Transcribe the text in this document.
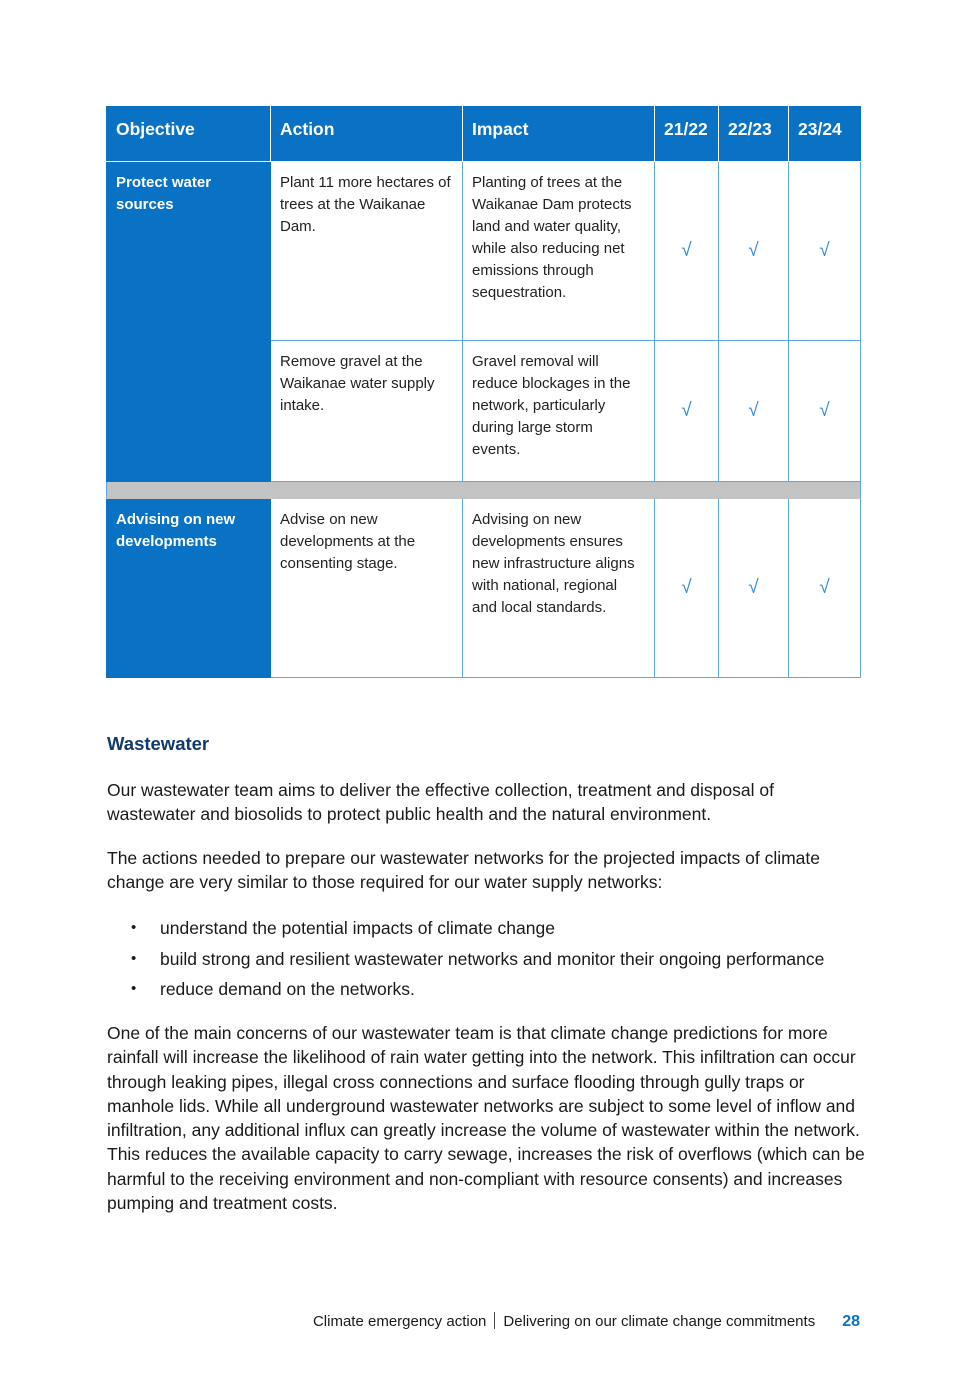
Objective	Action	Impact	21/22	22/23	23/24

Protect water sources	Plant 11 more hectares of trees at the Waikanae Dam.	Planting of trees at the Waikanae Dam protects land and water quality, while also reducing net emissions through sequestration.	√	√	√

	Remove gravel at the Waikanae water supply intake.	Gravel removal will reduce blockages in the network, particularly during large storm events.	√	√	√

Advising on new developments	Advise on new developments at the consenting stage.	Advising on new developments ensures new infrastructure aligns with national, regional and local standards.	√	√	√
Wastewater

Our wastewater team aims to deliver the effective collection, treatment and disposal of wastewater and biosolids to protect public health and the natural environment.

The actions needed to prepare our wastewater networks for the projected impacts of climate change are very similar to those required for our water supply networks:

• understand the potential impacts of climate change
• build strong and resilient wastewater networks and monitor their ongoing performance
• reduce demand on the networks.

One of the main concerns of our wastewater team is that climate change predictions for more rainfall will increase the likelihood of rain water getting into the network. This infiltration can occur through leaking pipes, illegal cross connections and surface flooding through gully traps or manhole lids. While all underground wastewater networks are subject to some level of inflow and infiltration, any additional influx can greatly increase the volume of wastewater within the network. This reduces the available capacity to carry sewage, increases the risk of overflows (which can be harmful to the receiving environment and non-compliant with resource consents) and increases pumping and treatment costs.

Climate emergency action Delivering on our climate change commitments 28
